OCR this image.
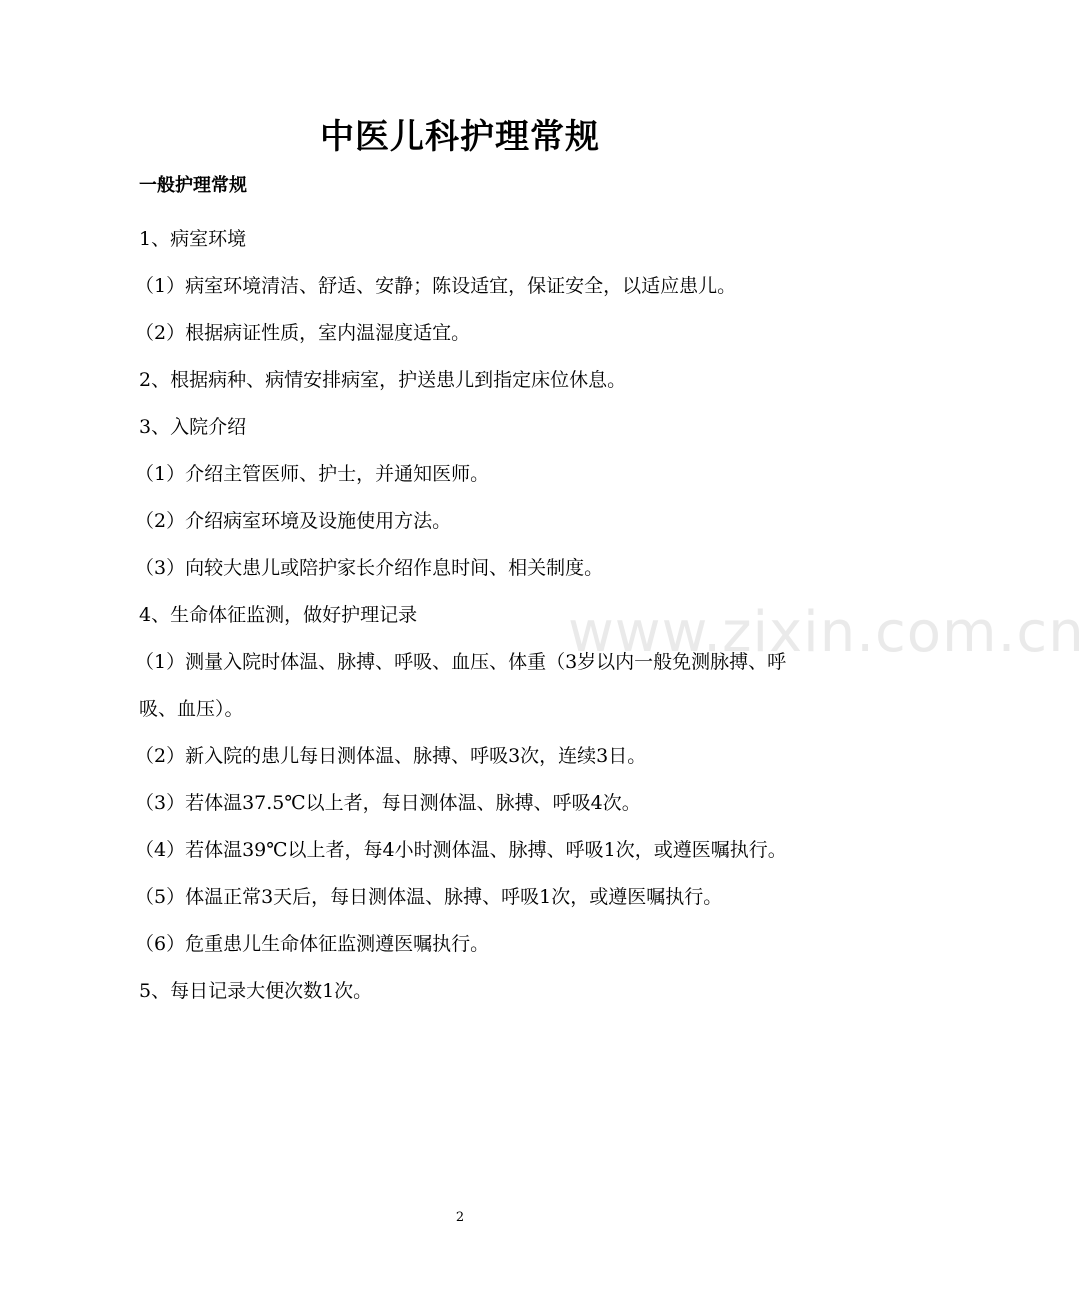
中医儿科护理常规
一般护理常规

1、病室环境

（1）病室环境清洁、舒适、安静；陈设适宜，保证安全，以适应患儿。

（2）根据病证性质，室内温湿度适宜。

2、根据病种、病情安排病室，护送患儿到指定床位休息。

3、入院介绍

（1）介绍主管医师、护士，并通知医师。

（2）介绍病室环境及设施使用方法。

（3）向较大患儿或陪护家长介绍作息时间、相关制度。

4、生命体征监测，做好护理记录

（1）测量入院时体温、脉搏、呼吸、血压、体重（3岁以内一般免测脉搏、呼吸、血压）。

（2）新入院的患儿每日测体温、脉搏、呼吸3次，连续3日。

（3）若体温37.5℃以上者，每日测体温、脉搏、呼吸4次。

（4）若体温39℃以上者，每4小时测体温、脉搏、呼吸1次，或遵医嘱执行。

（5）体温正常3天后，每日测体温、脉搏、呼吸1次，或遵医嘱执行。

（6）危重患儿生命体征监测遵医嘱执行。

5、每日记录大便次数1次。

www.zixin.com.cn
2
